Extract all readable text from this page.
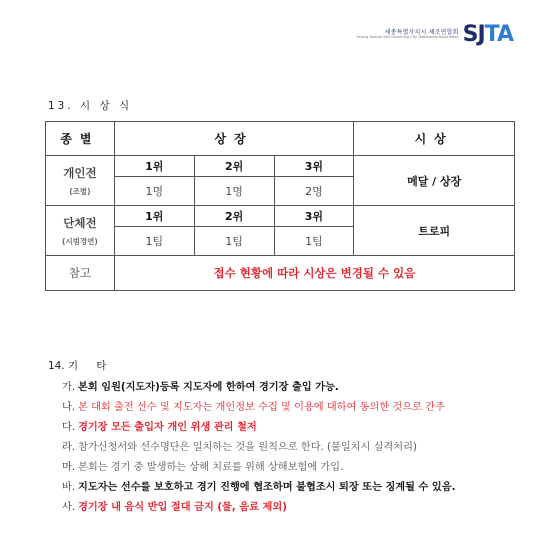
세종특별자치시 체조연합회
Sejong Special Self-Governing City Taekwondo Association SJTA
13. 시 상 식
종별	상장			시상

개인전
(조별)	1위	2위	3위	메달 / 상장
	1명	1명	2명	

단체전
(시범경연)	1위	2위	3위	트로피
	1팀	1팀	1팀	
참고	접수 현황에 따라 시상은 변경될 수 있음			
14. 기 타
가. 본회 임원(지도자)등록 지도자에 한하여 경기장 출입 가능.
나. 본 대회 출전 선수 및 지도자는 개인정보 수집 및 이용에 대하여 동의한 것으로 간주
다. 경기장 모든 출입자 개인 위생 관리 철저
라. 참가신청서와 선수명단은 일치하는 것을 원칙으로 한다. (불일치시 실격처리)
마. 본회는 경기 중 발생하는 상해 치료를 위해 상해보험에 가입.
바. 지도자는 선수를 보호하고 경기 진행에 협조하며 불협조시 퇴장 또는 징계될 수 있음.
사. 경기장 내 음식 반입 절대 금지 (물, 음료 제외)
